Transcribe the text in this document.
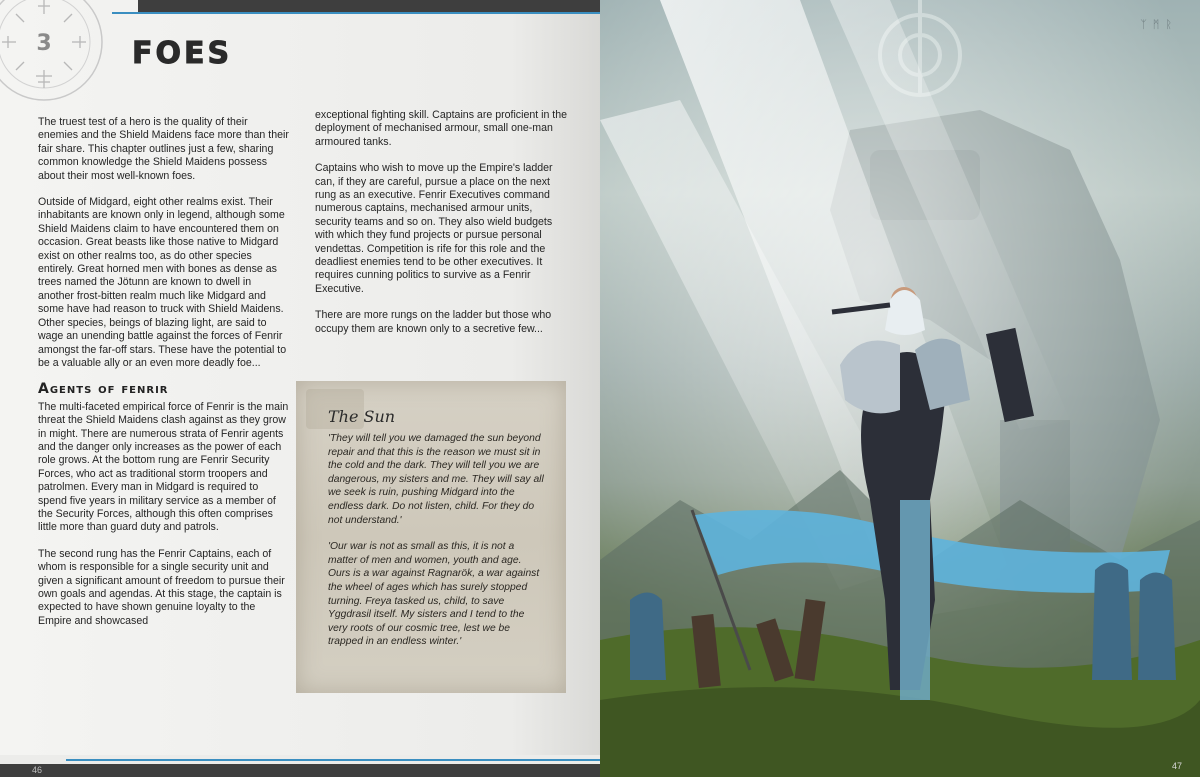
3	FOES

The truest test of a hero is the quality of their enemies and the Shield Maidens face more than their fair share. This chapter outlines just a few, sharing common knowledge the Shield Maidens possess about their most well-known foes.

Outside of Midgard, eight other realms exist. Their inhabitants are known only in legend, although some Shield Maidens claim to have encountered them on occasion. Great beasts like those native to Midgard exist on other realms too, as do other species entirely. Great horned men with bones as dense as trees named the Jötunn are known to dwell in another frost-bitten realm much like Midgard and some have had reason to truck with Shield Maidens. Other species, beings of blazing light, are said to wage an unending battle against the forces of Fenrir amongst the far-off stars. These have the potential to be a valuable ally or an even more deadly foe...

Agents of fenrir

The multi-faceted empirical force of Fenrir is the main threat the Shield Maidens clash against as they grow in might. There are numerous strata of Fenrir agents and the danger only increases as the power of each role grows. At the bottom rung are Fenrir Security Forces, who act as traditional storm troopers and patrolmen. Every man in Midgard is required to spend five years in military service as a member of the Security Forces, although this often comprises little more than guard duty and patrols.

The second rung has the Fenrir Captains, each of whom is responsible for a single security unit and given a significant amount of freedom to pursue their own goals and agendas. At this stage, the captain is expected to have shown genuine loyalty to the Empire and showcased

exceptional fighting skill. Captains are proficient in the deployment of mechanised armour, small one-man armoured tanks.

Captains who wish to move up the Empire's ladder can, if they are careful, pursue a place on the next rung as an executive. Fenrir Executives command numerous captains, mechanised armour units, security teams and so on. They also wield budgets with which they fund projects or pursue personal vendettas. Competition is rife for this role and the deadliest enemies tend to be other executives. It requires cunning politics to survive as a Fenrir Executive.

There are more rungs on the ladder but those who occupy them are known only to a secretive few...

The Sun

'They will tell you we damaged the sun beyond repair and that this is the reason we must sit in the cold and the dark. They will tell you we are dangerous, my sisters and me. They will say all we seek is ruin, pushing Midgard into the endless dark. Do not listen, child. For they do not understand.'

'Our war is not as small as this, it is not a matter of men and women, youth and age. Ours is a war against Ragnarök, a war against the wheel of ages which has surely stopped turning. Freya tasked us, child, to save Yggdrasil itself. My sisters and I tend to the very roots of our cosmic tree, lest we be trapped in an endless winter.'

46
ᛉᛗᚱ
47
